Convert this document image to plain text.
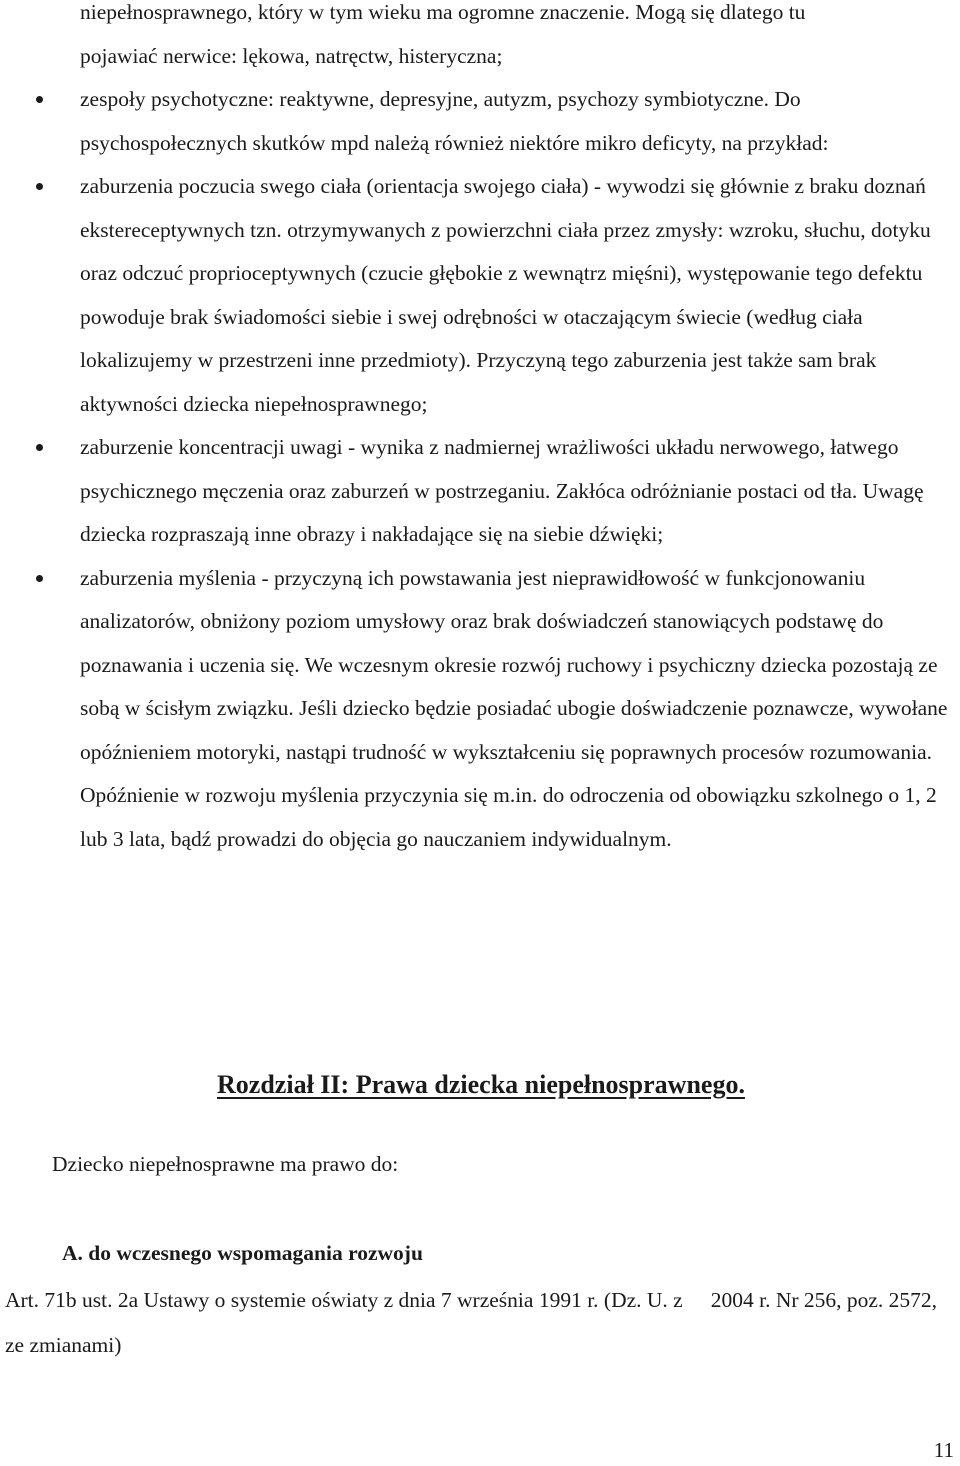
niepełnosprawnego, który w tym wieku ma ogromne znaczenie. Mogą się dlatego tu
pojawiać nerwice: lękowa, natręctw, histeryczna;
zespoły psychotyczne: reaktywne, depresyjne, autyzm, psychozy symbiotyczne. Do psychospołecznych skutków mpd należą również niektóre mikro deficyty, na przykład:
zaburzenia poczucia swego ciała (orientacja swojego ciała) - wywodzi się głównie z braku doznań ekstereceptywnych tzn. otrzymywanych z powierzchni ciała przez zmysły: wzroku, słuchu, dotyku oraz odczuć proprioceptywnych (czucie głębokie z wewnątrz mięśni), występowanie tego defektu powoduje brak świadomości siebie i swej odrębności w otaczającym świecie (według ciała lokalizujemy w przestrzeni inne przedmioty). Przyczyną tego zaburzenia jest także sam brak aktywności dziecka niepełnosprawnego;
zaburzenie koncentracji uwagi - wynika z nadmiernej wrażliwości układu nerwowego, łatwego psychicznego męczenia oraz zaburzeń w postrzeganiu. Zakłóca odróżnianie postaci od tła. Uwagę dziecka rozpraszają inne obrazy i nakładające się na siebie dźwięki;
zaburzenia myślenia - przyczyną ich powstawania jest nieprawidłowość w funkcjonowaniu analizatorów, obniżony poziom umysłowy oraz brak doświadczeń stanowiących podstawę do poznawania i uczenia się. We wczesnym okresie rozwój ruchowy i psychiczny dziecka pozostają ze sobą w ścisłym związku. Jeśli dziecko będzie posiadać ubogie doświadczenie poznawcze, wywołane opóźnieniem motoryki, nastąpi trudność w wykształceniu się poprawnych procesów rozumowania. Opóźnienie w rozwoju myślenia przyczynia się m.in. do odroczenia od obowiązku szkolnego o 1, 2 lub 3 lata, bądź prowadzi do objęcia go nauczaniem indywidualnym.
Rozdział II: Prawa dziecka niepełnosprawnego.

Dziecko niepełnosprawne ma prawo do:

A. do wczesnego wspomagania rozwoju

Art. 71b ust. 2a Ustawy o systemie oświaty z dnia 7 września 1991 r. (Dz. U. z 2004 r. Nr 256, poz. 2572, ze zmianami)

11
